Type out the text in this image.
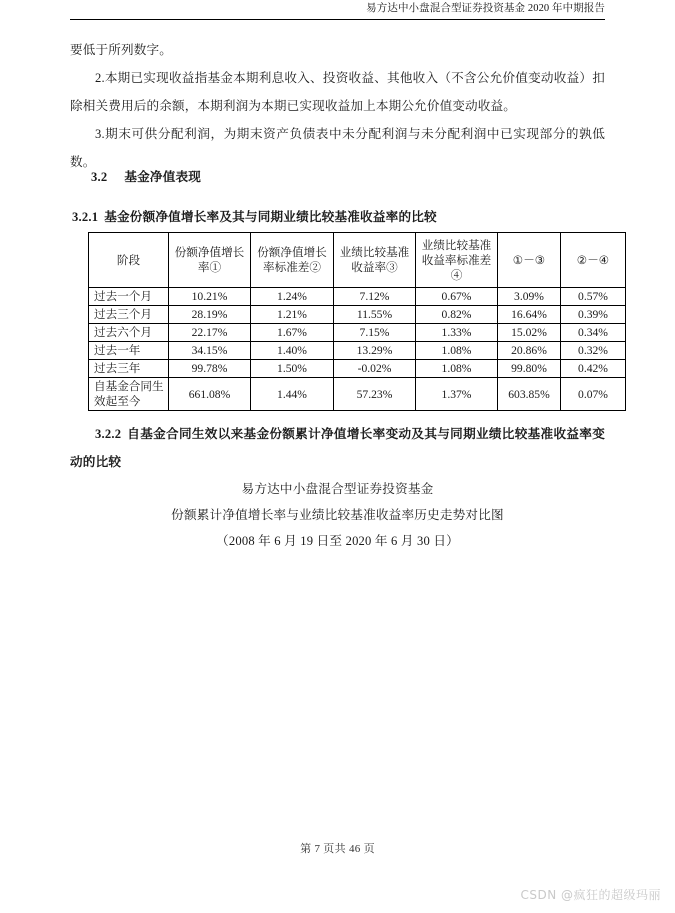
易方达中小盘混合型证券投资基金 2020 年中期报告

要低于所列数字。

2.本期已实现收益指基金本期利息收入、投资收益、其他收入（不含公允价值变动收益）扣除相关费用后的余额，本期利润为本期已实现收益加上本期公允价值变动收益。

3.期末可供分配利润，为期末资产负债表中未分配利润与未分配利润中已实现部分的孰低数。

3.2 基金净值表现
3.2.1 基金份额净值增长率及其与同期业绩比较基准收益率的比较
阶段	份额净值增长率①	份额净值增长率标准差②	业绩比较基准收益率③	业绩比较基准收益率标准差④	①－③	②－④
过去一个月	10.21%	1.24%	7.12%	0.67%	3.09%	0.57%
过去三个月	28.19%	1.21%	11.55%	0.82%	16.64%	0.39%
过去六个月	22.17%	1.67%	7.15%	1.33%	15.02%	0.34%
过去一年	34.15%	1.40%	13.29%	1.08%	20.86%	0.32%
过去三年	99.78%	1.50%	-0.02%	1.08%	99.80%	0.42%
自基金合同生效起至今	661.08%	1.44%	57.23%	1.37%	603.85%	0.07%
3.2.2 自基金合同生效以来基金份额累计净值增长率变动及其与同期业绩比较基准收益率变动的比较
易方达中小盘混合型证券投资基金
份额累计净值增长率与业绩比较基准收益率历史走势对比图
（2008 年 6 月 19 日至 2020 年 6 月 30 日）
第 7 页共 46 页
CSDN @疯狂的超级玛丽
